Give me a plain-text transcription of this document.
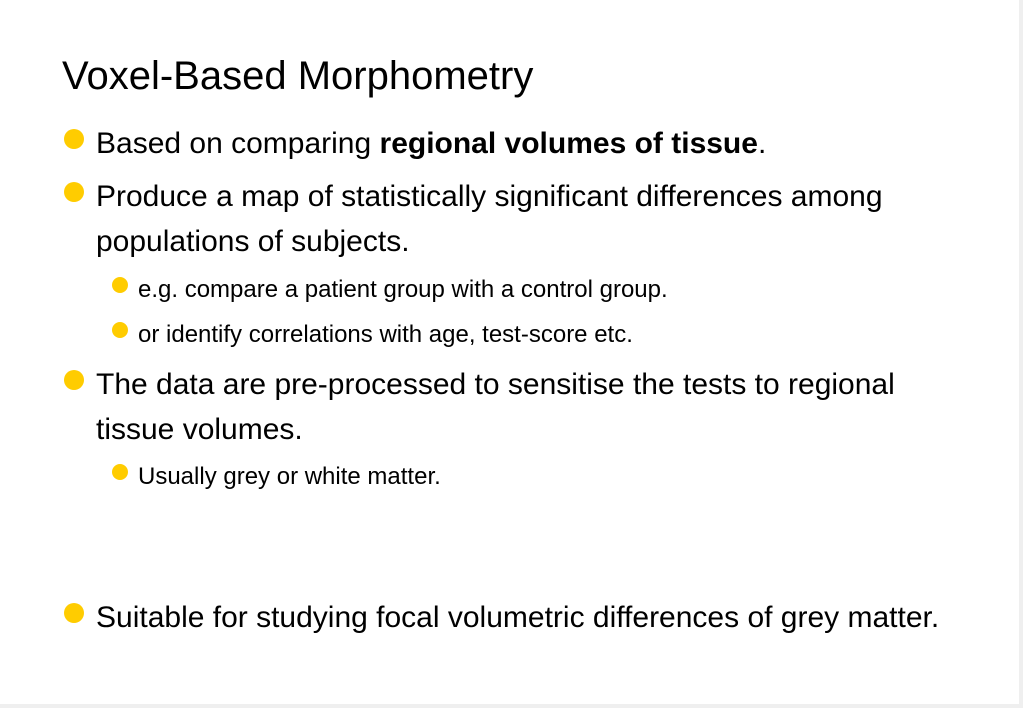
Voxel-Based Morphometry
Based on comparing regional volumes of tissue.
Produce a map of statistically significant differences among populations of subjects.
e.g. compare a patient group with a control group.
or identify correlations with age, test-score etc.
The data are pre-processed to sensitise the tests to regional tissue volumes.
Usually grey or white matter.
Suitable for studying focal volumetric differences of grey matter.
